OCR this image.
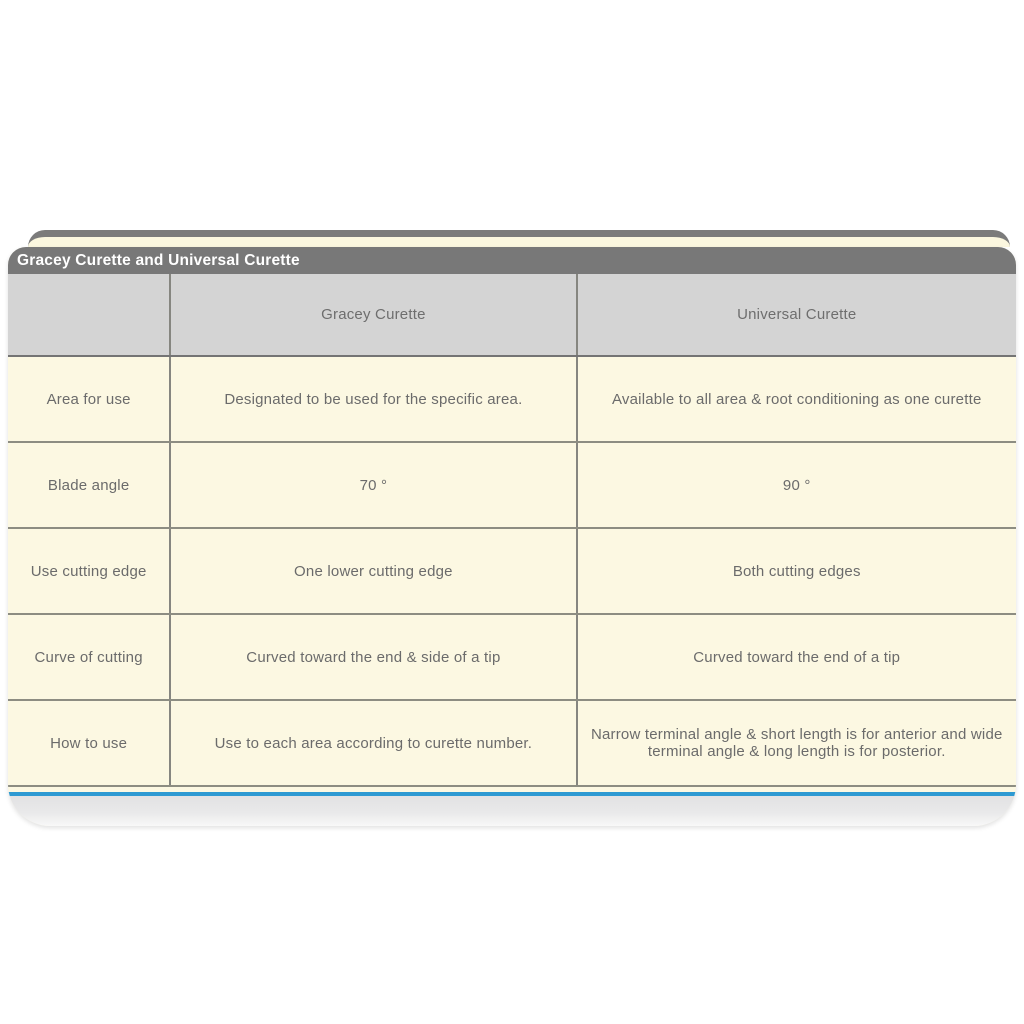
Gracey Curette and Universal Curette
	Gracey Curette	Universal Curette
Area for use	Designated to be used for the specific area.	Available to all area & root conditioning as one curette
Blade angle	70 °	90 °
Use cutting edge	One lower cutting edge	Both cutting edges
Curve of cutting	Curved toward the end & side of a tip	Curved toward the end of a tip
How to use	Use to each area according to curette number.	Narrow terminal angle & short length is for anterior and wide terminal angle & long length is for posterior.
